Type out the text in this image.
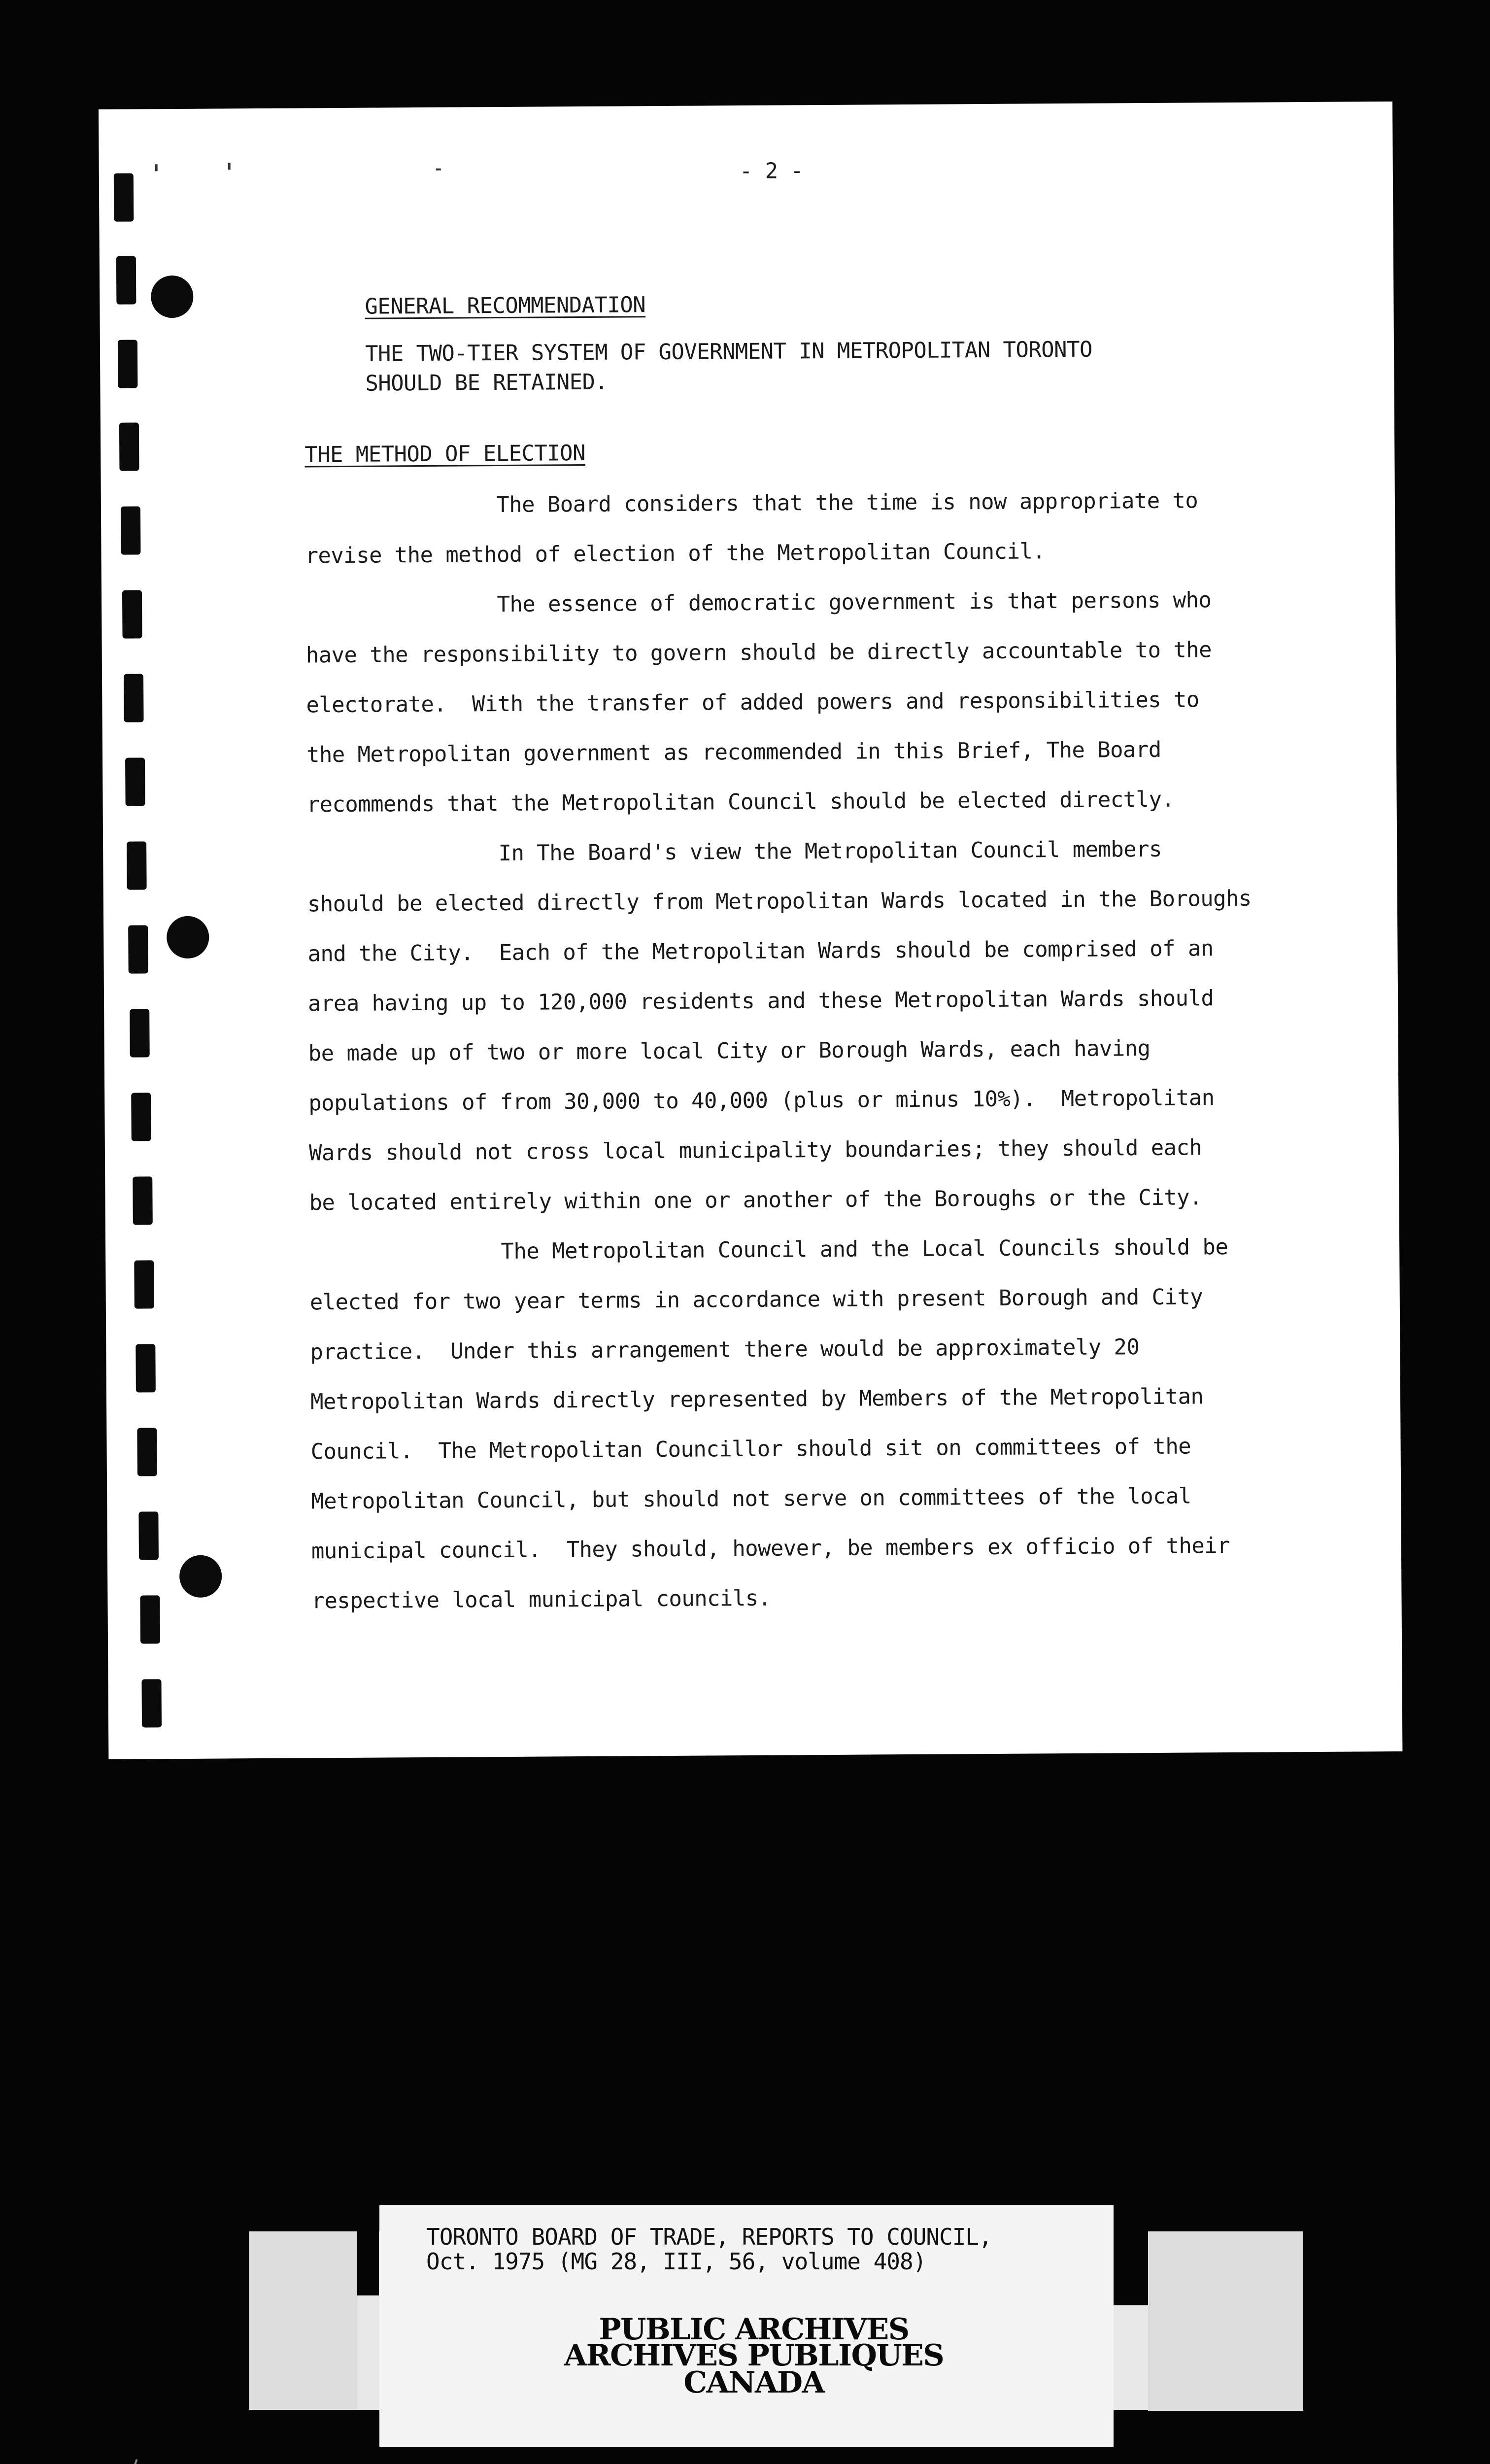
- 2 -
GENERAL RECOMMENDATION
THE TWO-TIER SYSTEM OF GOVERNMENT IN METROPOLITAN TORONTO
SHOULD BE RETAINED.
THE METHOD OF ELECTION
The Board considers that the time is now appropriate to
revise the method of election of the Metropolitan Council.
The essence of democratic government is that persons who
have the responsibility to govern should be directly accountable to the
electorate.  With the transfer of added powers and responsibilities to
the Metropolitan government as recommended in this Brief, The Board
recommends that the Metropolitan Council should be elected directly.
In The Board's view the Metropolitan Council members
should be elected directly from Metropolitan Wards located in the Boroughs
and the City.  Each of the Metropolitan Wards should be comprised of an
area having up to 120,000 residents and these Metropolitan Wards should
be made up of two or more local City or Borough Wards, each having
populations of from 30,000 to 40,000 (plus or minus 10%).  Metropolitan
Wards should not cross local municipality boundaries; they should each
be located entirely within one or another of the Boroughs or the City.
The Metropolitan Council and the Local Councils should be
elected for two year terms in accordance with present Borough and City
practice.  Under this arrangement there would be approximately 20
Metropolitan Wards directly represented by Members of the Metropolitan
Council.  The Metropolitan Councillor should sit on committees of the
Metropolitan Council, but should not serve on committees of the local
municipal council.  They should, however, be members ex officio of their
respective local municipal councils.
TORONTO BOARD OF TRADE, REPORTS TO COUNCIL,
Oct. 1975 (MG 28, III, 56, volume 408)
PUBLIC ARCHIVES
ARCHIVES PUBLIQUES
CANADA
